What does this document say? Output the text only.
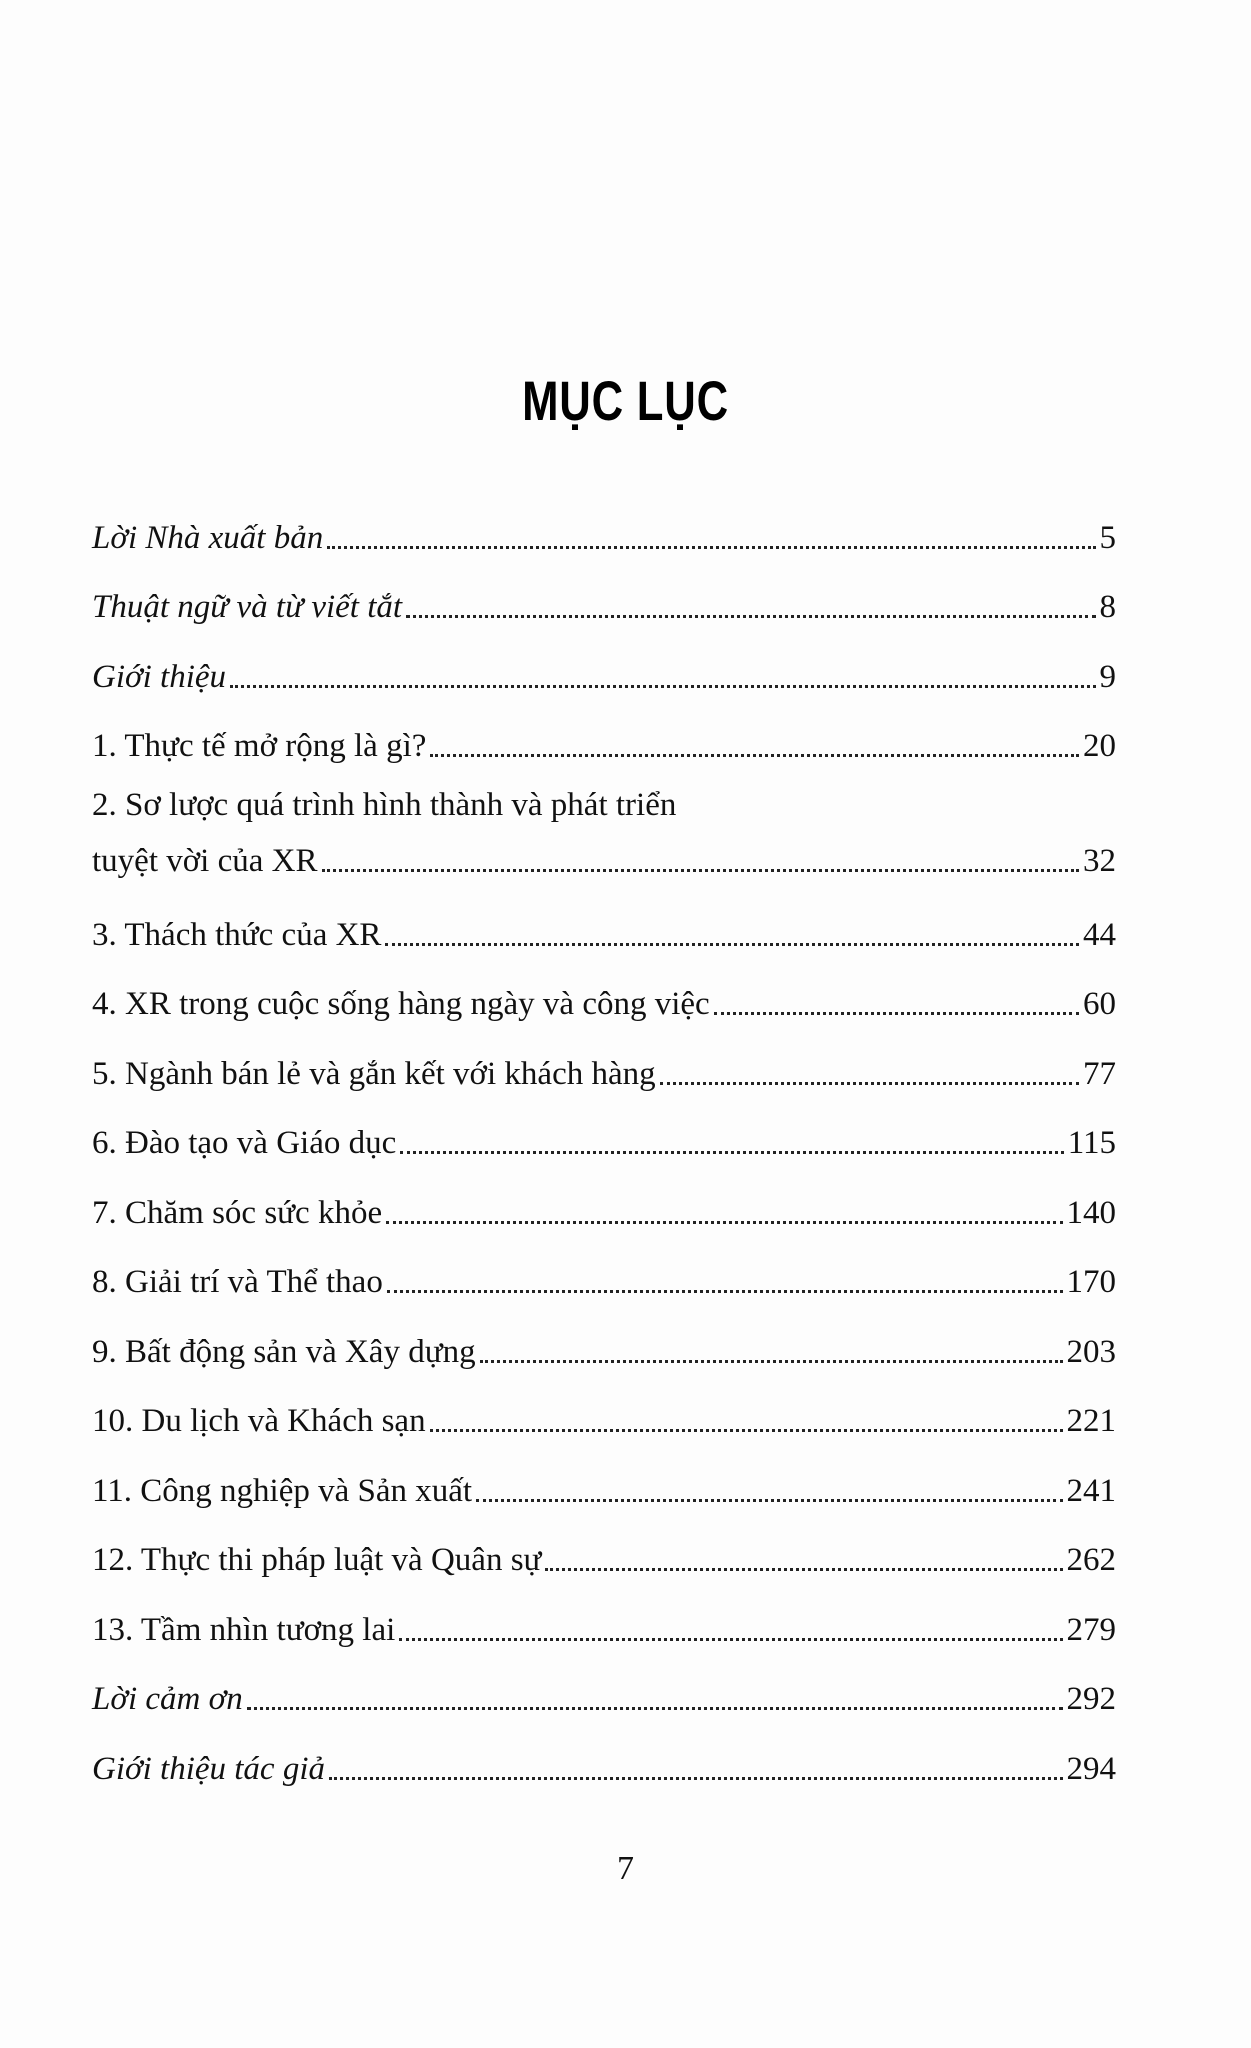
MỤC LỤC
Lời Nhà xuất bản	5
Thuật ngữ và từ viết tắt	8
Giới thiệu	9
1. Thực tế mở rộng là gì?	20
2. Sơ lược quá trình hình thành và phát triển
tuyệt vời của XR	32
3. Thách thức của XR	44
4. XR trong cuộc sống hàng ngày và công việc	60
5. Ngành bán lẻ và gắn kết với khách hàng	77
6. Đào tạo và Giáo dục	115
7. Chăm sóc sức khỏe	140
8. Giải trí và Thể thao	170
9. Bất động sản và Xây dựng	203
10. Du lịch và Khách sạn	221
11. Công nghiệp và Sản xuất	241
12. Thực thi pháp luật và Quân sự	262
13. Tầm nhìn tương lai	279
Lời cảm ơn	292
Giới thiệu tác giả	294
7
